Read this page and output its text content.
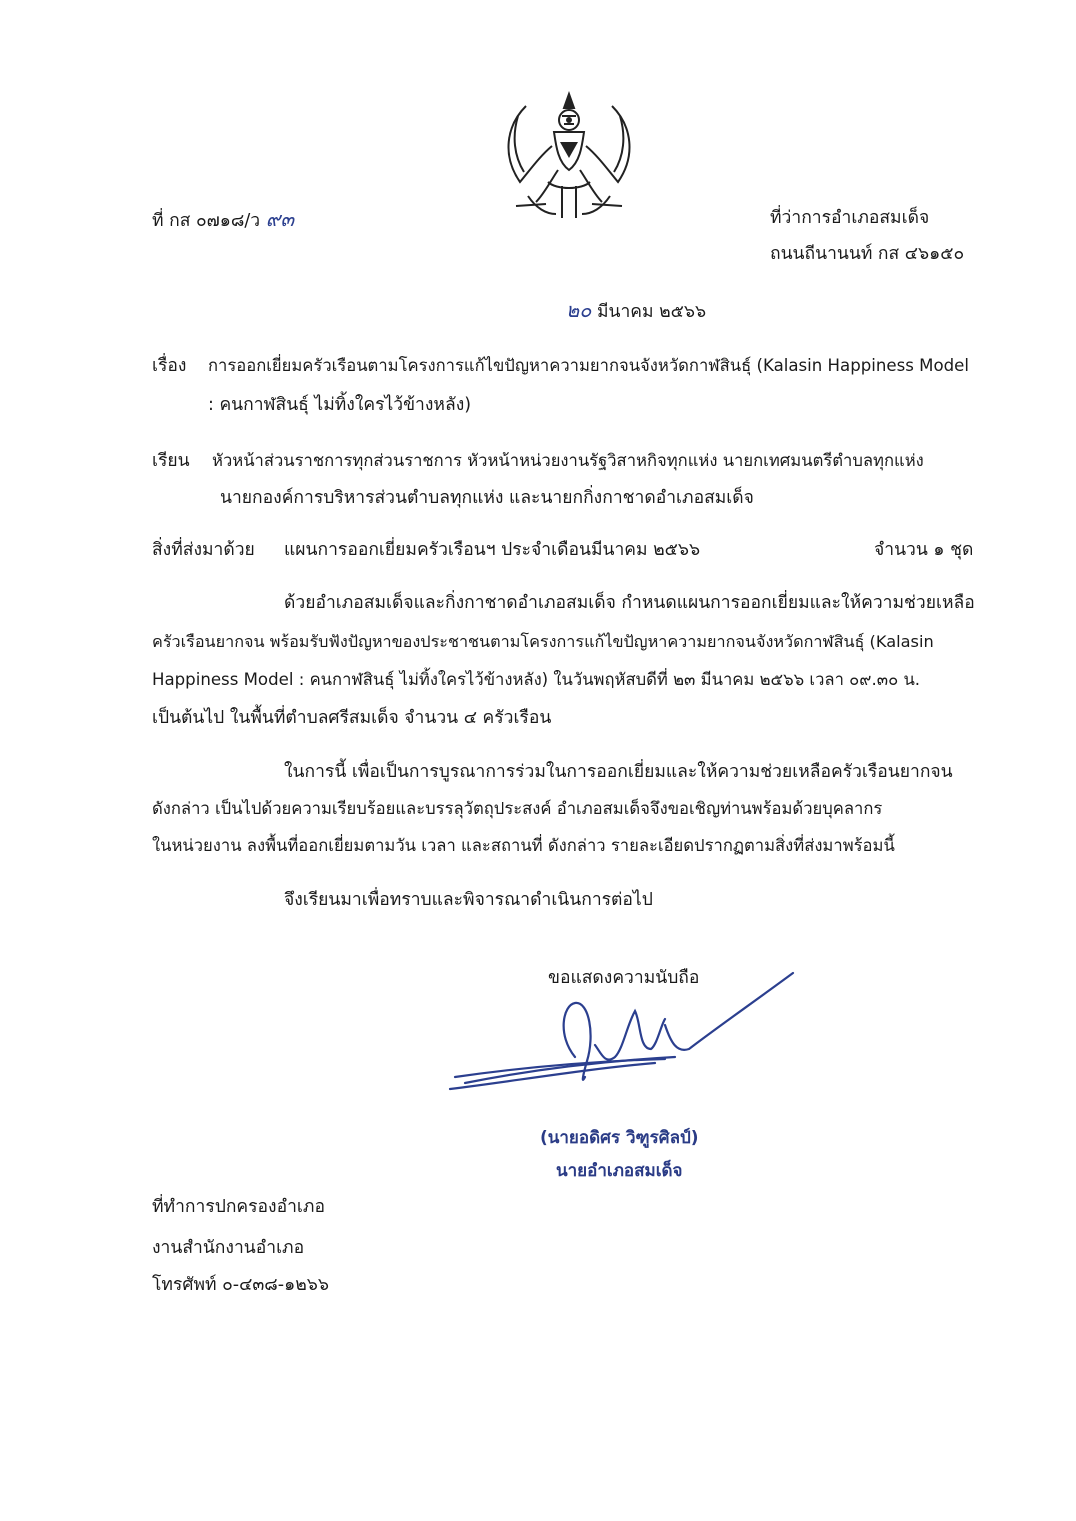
ที่ กส ๐๗๑๘/ว ๙๓	ที่ว่าการอำเภอสมเด็จ
ถนนถีนานนท์ กส ๔๖๑๕๐
๒๐ มีนาคม ๒๕๖๖
เรื่อง การออกเยี่ยมครัวเรือนตามโครงการแก้ไขปัญหาความยากจนจังหวัดกาฬสินธุ์ (Kalasin Happiness Model
: คนกาฬสินธุ์ ไม่ทิ้งใครไว้ข้างหลัง)
เรียน หัวหน้าส่วนราชการทุกส่วนราชการ หัวหน้าหน่วยงานรัฐวิสาหกิจทุกแห่ง นายกเทศมนตรีตำบลทุกแห่ง
นายกองค์การบริหารส่วนตำบลทุกแห่ง และนายกกิ่งกาชาดอำเภอสมเด็จ
สิ่งที่ส่งมาด้วย แผนการออกเยี่ยมครัวเรือนฯ ประจำเดือนมีนาคม ๒๕๖๖	จำนวน ๑ ชุด
ด้วยอำเภอสมเด็จและกิ่งกาชาดอำเภอสมเด็จ กำหนดแผนการออกเยี่ยมและให้ความช่วยเหลือ
ครัวเรือนยากจน พร้อมรับฟังปัญหาของประชาชนตามโครงการแก้ไขปัญหาความยากจนจังหวัดกาฬสินธุ์ (Kalasin
Happiness Model : คนกาฬสินธุ์ ไม่ทิ้งใครไว้ข้างหลัง) ในวันพฤหัสบดีที่ ๒๓ มีนาคม ๒๕๖๖ เวลา ๐๙.๓๐ น.
เป็นต้นไป ในพื้นที่ตำบลศรีสมเด็จ จำนวน ๔ ครัวเรือน
ในการนี้ เพื่อเป็นการบูรณาการร่วมในการออกเยี่ยมและให้ความช่วยเหลือครัวเรือนยากจน
ดังกล่าว เป็นไปด้วยความเรียบร้อยและบรรลุวัตถุประสงค์ อำเภอสมเด็จจึงขอเชิญท่านพร้อมด้วยบุคลากร
ในหน่วยงาน ลงพื้นที่ออกเยี่ยมตามวัน เวลา และสถานที่ ดังกล่าว รายละเอียดปรากฏตามสิ่งที่ส่งมาพร้อมนี้
จึงเรียนมาเพื่อทราบและพิจารณาดำเนินการต่อไป
ขอแสดงความนับถือ
(นายอดิศร วิฑูรศิลป์)
นายอำเภอสมเด็จ
ที่ทำการปกครองอำเภอ
งานสำนักงานอำเภอ
โทรศัพท์ ๐-๔๓๘-๑๒๖๖
